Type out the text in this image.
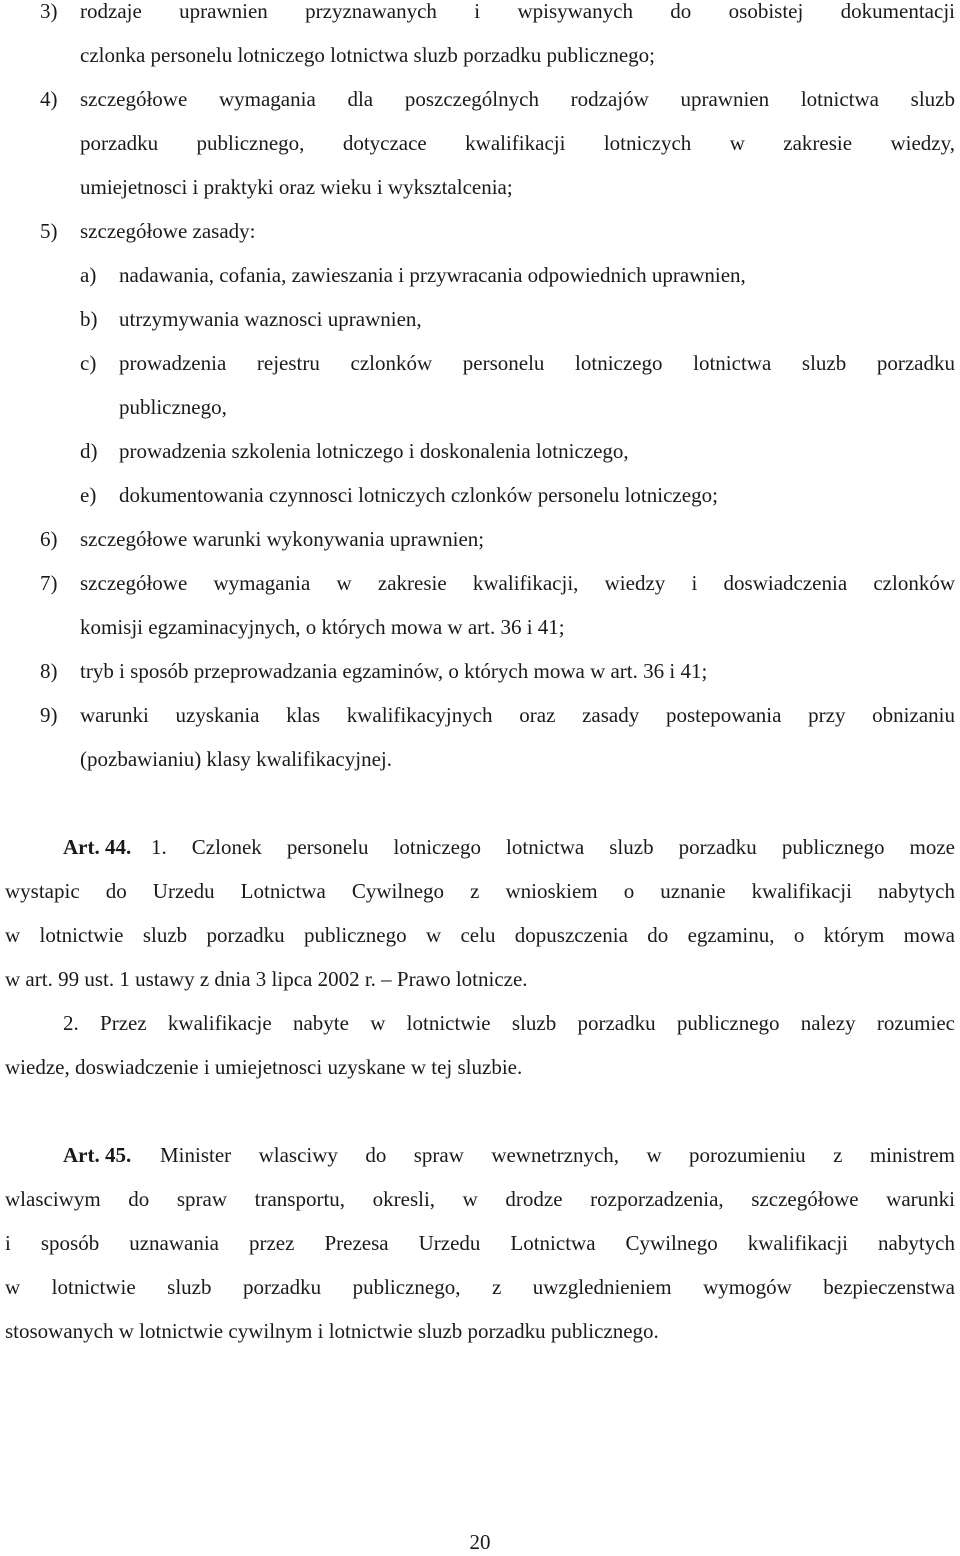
3) rodzaje uprawnien przyznawanych i wpisywanych do osobistej dokumentacji
czlonka personelu lotniczego lotnictwa sluzb porzadku publicznego;
4) szczegółowe wymagania dla poszczególnych rodzajów uprawnien lotnictwa sluzb
porzadku publicznego, dotyczace kwalifikacji lotniczych w zakresie wiedzy,
umiejetnosci i praktyki oraz wieku i wyksztalcenia;
5) szczegółowe zasady:
a) nadawania, cofania, zawieszania i przywracania odpowiednich uprawnien,
b) utrzymywania waznosci uprawnien,
c) prowadzenia rejestru czlonków personelu lotniczego lotnictwa sluzb porzadku
publicznego,
d) prowadzenia szkolenia lotniczego i doskonalenia lotniczego,
e) dokumentowania czynnosci lotniczych czlonków personelu lotniczego;
6) szczegółowe warunki wykonywania uprawnien;
7) szczegółowe wymagania w zakresie kwalifikacji, wiedzy i doswiadczenia czlonków
komisji egzaminacyjnych, o których mowa w art. 36 i 41;
8) tryb i sposób przeprowadzania egzaminów, o których mowa w art. 36 i 41;
9) warunki uzyskania klas kwalifikacyjnych oraz zasady postepowania przy obnizaniu
(pozbawianiu) klasy kwalifikacyjnej.
Art. 44. 1. Czlonek personelu lotniczego lotnictwa sluzb porzadku publicznego moze
wystapic do Urzedu Lotnictwa Cywilnego z wnioskiem o uznanie kwalifikacji nabytych
w lotnictwie sluzb porzadku publicznego w celu dopuszczenia do egzaminu, o którym mowa
w art. 99 ust. 1 ustawy z dnia 3 lipca 2002 r. – Prawo lotnicze.
2. Przez kwalifikacje nabyte w lotnictwie sluzb porzadku publicznego nalezy rozumiec
wiedze, doswiadczenie i umiejetnosci uzyskane w tej sluzbie.
Art. 45. Minister wlasciwy do spraw wewnetrznych, w porozumieniu z ministrem
wlasciwym do spraw transportu, okresli, w drodze rozporzadzenia, szczegółowe warunki
i sposób uznawania przez Prezesa Urzedu Lotnictwa Cywilnego kwalifikacji nabytych
w lotnictwie sluzb porzadku publicznego, z uwzglednieniem wymogów bezpieczenstwa
stosowanych w lotnictwie cywilnym i lotnictwie sluzb porzadku publicznego.
20
